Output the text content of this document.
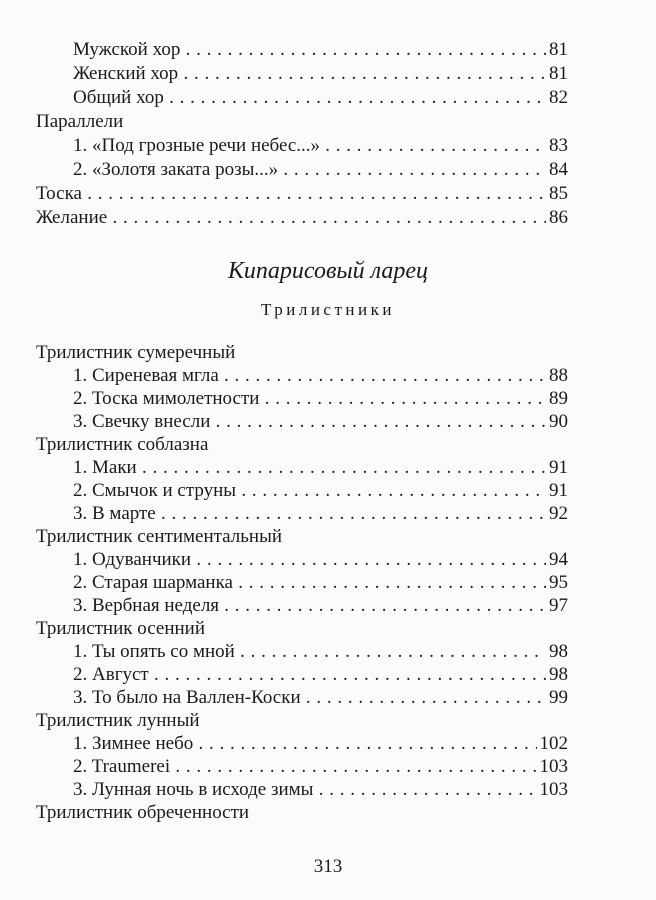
Мужской хор . . .	81
Женский хор . . .	81
Общий хор . . .	82
Параллели
1. «Под грозные речи небес...» . . .	83
2. «Золотя заката розы...» . . .	84
Тоска . . .	85
Желание . . .	86
Кипарисовый ларец
Трилистники
Трилистник сумеречный
1. Сиреневая мгла . . .	88
2. Тоска мимолетности . . .	89
3. Свечку внесли . . .	90
Трилистник соблазна
1. Маки . . .	91
2. Смычок и струны . . .	91
3. В марте . . .	92
Трилистник сентиментальный
1. Одуванчики . . .	94
2. Старая шарманка . . .	95
3. Вербная неделя . . .	97
Трилистник осенний
1. Ты опять со мной . . .	98
2. Август . . .	98
3. То было на Валлен-Коски . . .	99
Трилистник лунный
1. Зимнее небо . . .	102
2. Traumerei . . .	103
3. Лунная ночь в исходе зимы . . .	103
Трилистник обреченности
313
